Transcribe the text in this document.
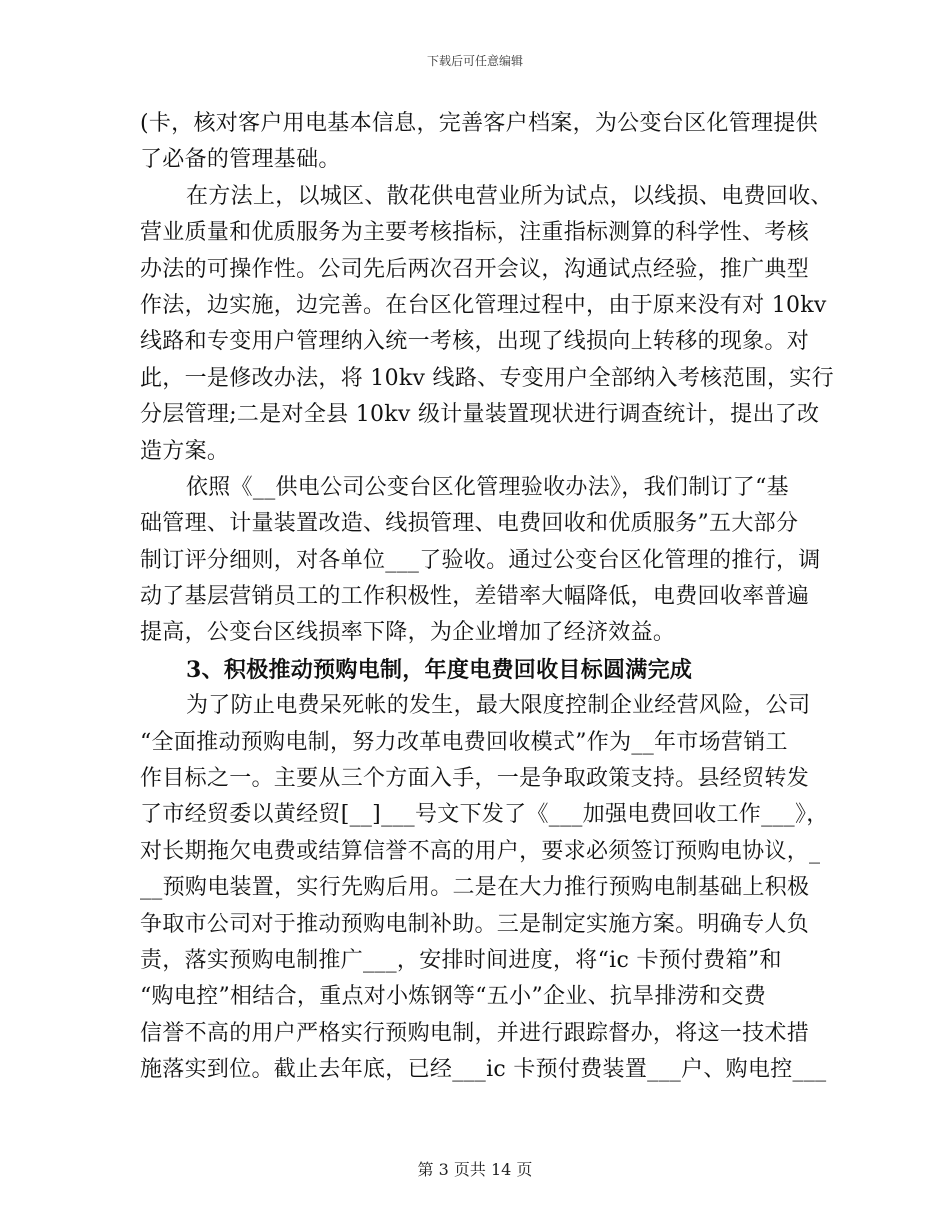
下载后可任意编辑
(卡，核对客户用电基本信息，完善客户档案，为公变台区化管理提供
了必备的管理基础。
在方法上，以城区、散花供电营业所为试点，以线损、电费回收、
营业质量和优质服务为主要考核指标，注重指标测算的科学性、考核
办法的可操作性。公司先后两次召开会议，沟通试点经验，推广典型
作法，边实施，边完善。在台区化管理过程中，由于原来没有对 10kv
线路和专变用户管理纳入统一考核，出现了线损向上转移的现象。对
此，一是修改办法，将 10kv 线路、专变用户全部纳入考核范围，实行
分层管理;二是对全县 10kv 级计量装置现状进行调查统计，提出了改
造方案。
依照《__供电公司公变台区化管理验收办法》，我们制订了“基
础管理、计量装置改造、线损管理、电费回收和优质服务”五大部分
制订评分细则，对各单位___了验收。通过公变台区化管理的推行，调
动了基层营销员工的工作积极性，差错率大幅降低，电费回收率普遍
提高，公变台区线损率下降，为企业增加了经济效益。
3、积极推动预购电制，年度电费回收目标圆满完成
为了防止电费呆死帐的发生，最大限度控制企业经营风险，公司
“全面推动预购电制，努力改革电费回收模式”作为__年市场营销工
作目标之一。主要从三个方面入手，一是争取政策支持。县经贸转发
了市经贸委以黄经贸[__]___号文下发了《___加强电费回收工作___》，
对长期拖欠电费或结算信誉不高的用户，要求必须签订预购电协议，_
__预购电装置，实行先购后用。二是在大力推行预购电制基础上积极
争取市公司对于推动预购电制补助。三是制定实施方案。明确专人负
责，落实预购电制推广___，安排时间进度，将“ic 卡预付费箱”和
“购电控”相结合，重点对小炼钢等“五小”企业、抗旱排涝和交费
信誉不高的用户严格实行预购电制，并进行跟踪督办，将这一技术措
施落实到位。截止去年底，已经___ic 卡预付费装置___户、购电控___
第 3 页共 14 页
